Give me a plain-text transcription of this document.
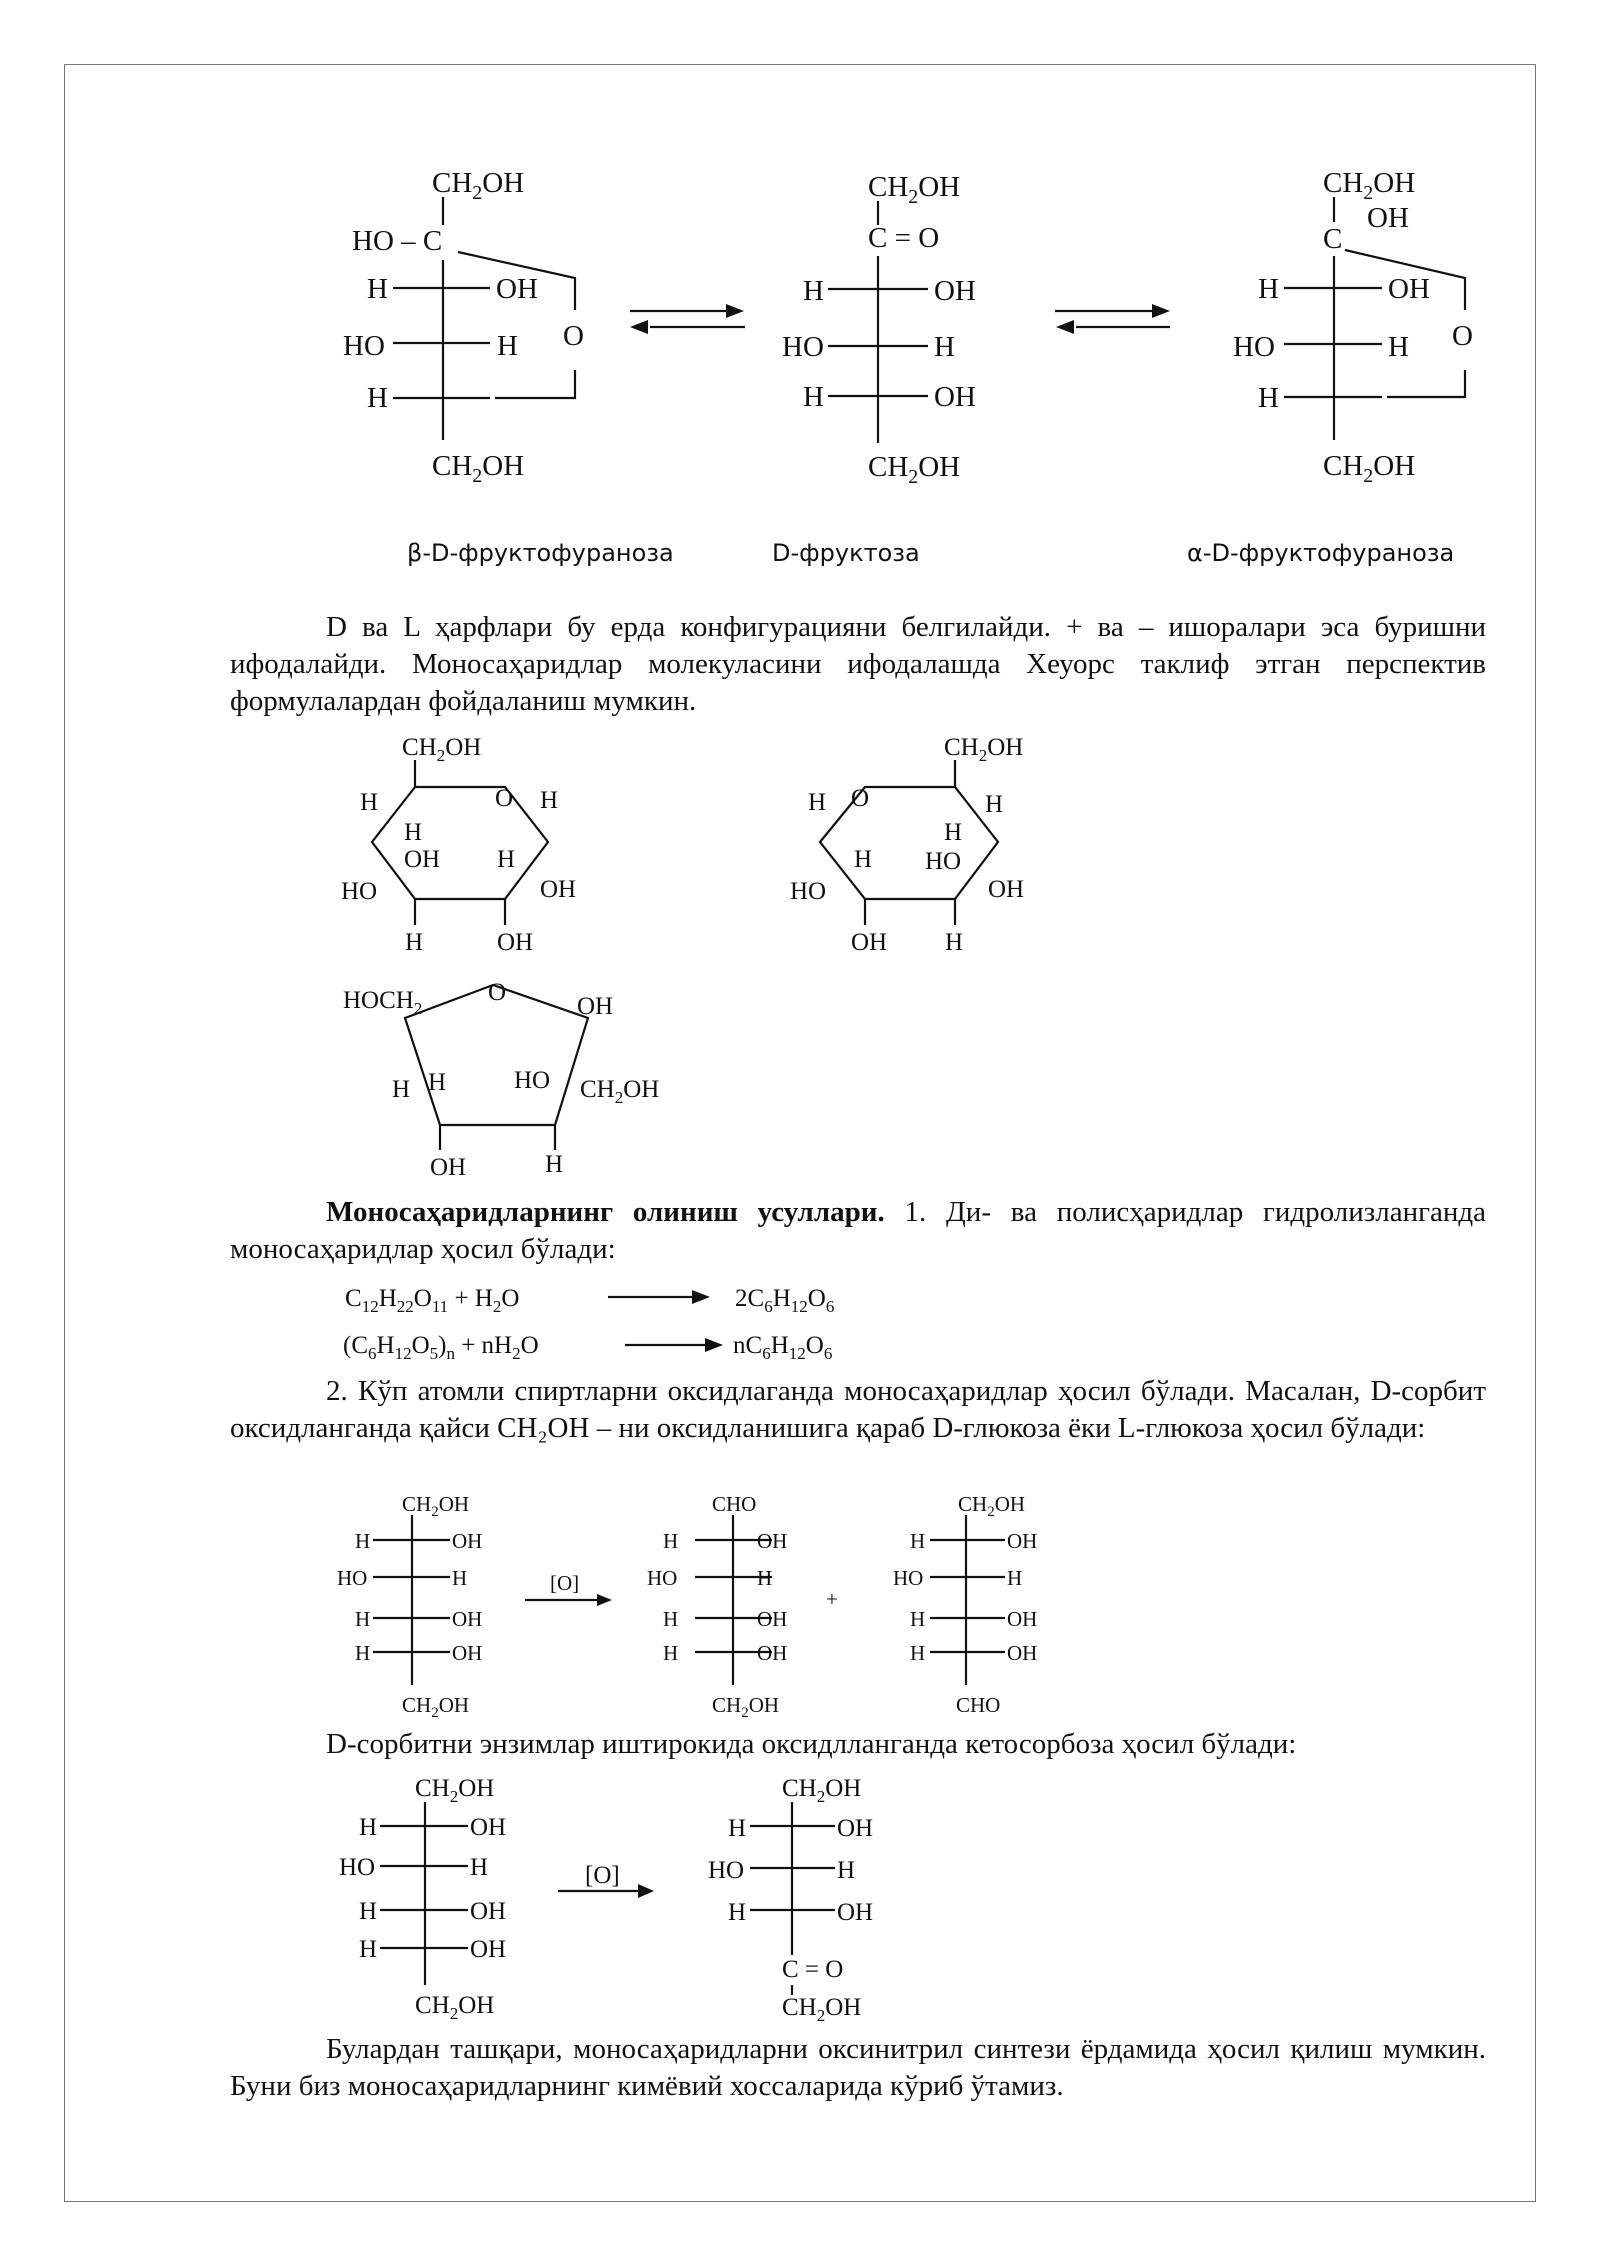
$CH_2OH$
HO – C
H	OH
HO	H
H
$CH_2OH$
O
$CH_2OH$
C = O
H	OH
HO	H
H	OH
$CH_2OH$
$CH_2OH$
OH
C
H	OH
HO	H
H
$CH_2OH$
O
β-D-фруктофураноза	D-фруктоза	α-D-фруктофураноза
$CH_2OH$
O H
H
H
OH H
HO	OH
H	OH
$CH_2OH$
O
H	H
H
H HO
HO	OH
OH H
$HOCH_2$
O
OH
H H	HO $CH_2OH$
OH	H
$C_{12}H_{22}O_{11} + H_2O$	$2C_6H_{12}O_6$
$(C_6H_{12}O_5)_n + nH_2O$	$nC_6H_{12}O_6$
$CH_2OH$
H	OH
HO	H
H	OH
H	OH
$CH_2OH$
[O]
CHO
H	OH
HO	H
H	OH
H	OH
$CH_2OH$
+
$CH_2OH$
H	OH
HO	H
H	OH
H	OH
CHO
$CH_2OH$
H	OH
HO	H
H	OH
H	OH
$CH_2OH$
[O]
$CH_2OH$
H	OH
HO	H
H	OH
C = O
$CH_2OH$

D ва L ҳарфлари бу ерда конфигурацияни белгилайди. + ва – ишоралари эса буришни ифодалайди. Моносаҳаридлар молекуласини ифодалашда Хеуорс таклиф этган перспектив формулалардан фойдаланиш мумкин.

Моносаҳаридларнинг олиниш усуллари. 1. Ди- ва полисҳаридлар гидролизланганда моносаҳаридлар ҳосил бўлади:

2. Кўп атомли спиртларни оксидлаганда моносаҳаридлар ҳосил бўлади. Масалан, D-сорбит оксидланганда қайси CH₂OH – ни оксидланишига қараб D-глюкоза ёки L-глюкоза ҳосил бўлади:

D-сорбитни энзимлар иштирокида оксидлланганда кетосорбоза ҳосил бўлади:

Булардан ташқари, моносаҳаридларни оксинитрил синтези ёрдамида ҳосил қилиш мумкин. Буни биз моносаҳаридларнинг кимёвий хоссаларида кўриб ўтамиз.
